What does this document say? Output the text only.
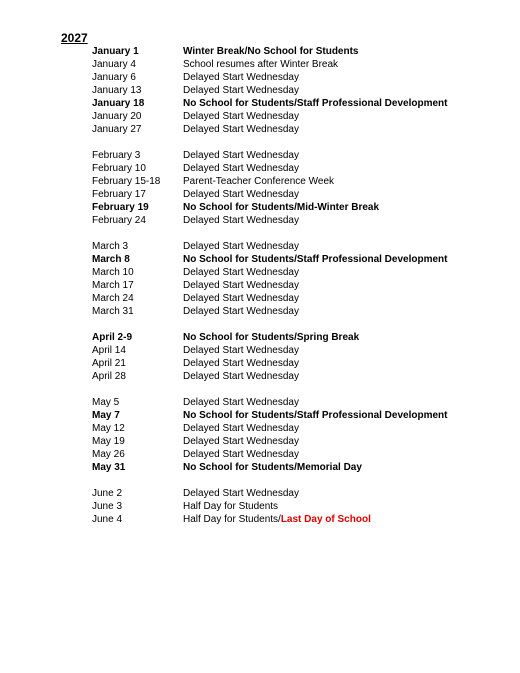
2027
January 1	Winter Break/No School for Students
January 4	School resumes after Winter Break
January 6	Delayed Start Wednesday
January 13	Delayed Start Wednesday
January 18	No School for Students/Staff Professional Development
January 20	Delayed Start Wednesday
January 27	Delayed Start Wednesday
February 3	Delayed Start Wednesday
February 10	Delayed Start Wednesday
February 15-18	Parent-Teacher Conference Week
February 17	Delayed Start Wednesday
February 19	No School for Students/Mid-Winter Break
February 24	Delayed Start Wednesday
March 3	Delayed Start Wednesday
March 8	No School for Students/Staff Professional Development
March 10	Delayed Start Wednesday
March 17	Delayed Start Wednesday
March 24	Delayed Start Wednesday
March 31	Delayed Start Wednesday
April 2-9	No School for Students/Spring Break
April 14	Delayed Start Wednesday
April 21	Delayed Start Wednesday
April 28	Delayed Start Wednesday
May 5	Delayed Start Wednesday
May 7	No School for Students/Staff Professional Development
May 12	Delayed Start Wednesday
May 19	Delayed Start Wednesday
May 26	Delayed Start Wednesday
May 31	No School for Students/Memorial Day
June 2	Delayed Start Wednesday
June 3	Half Day for Students
June 4	Half Day for Students/Last Day of School
